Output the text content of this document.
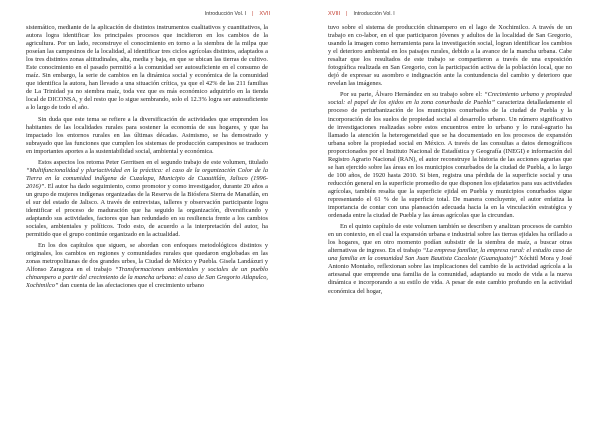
Introducción Vol. I | XVII

sistemático, mediante de la aplicación de distintos instrumentos cualitativos y cuantitativos, la autora logra identificar los principales procesos que incidieron en los cambios de la agricultura. Por un lado, reconstruye el conocimiento en torno a la siembra de la milpa que poseían las campesinos de la localidad, al identificar tres ciclos agrícolas distintos, adaptados a los tres distintos zonas altitudinales, alta, media y baja, en que se ubican las tierras de cultivo. Este conocimiento en el pasado permitió a la comunidad ser autosuficiente en el consumo de maíz. Sin embargo, la serie de cambios en la dinámica social y económica de la comunidad que identifica la autora, han llevado a una situación crítica, ya que el 42% de las 211 familias de La Trinidad ya no siembra maíz, toda vez que es más económico adquirirlo en la tienda local de DICONSA, y del resto que lo sigue sembrando, solo el 12.3% logra ser autosuficiente a lo largo de todo el año.

Sin duda que este tema se refiere a la diversificación de actividades que emprenden los habitantes de las localidades rurales para sostener la economía de sus hogares, y que ha impactado los entornos rurales en las últimas décadas. Asimismo, se ha demostrado y subrayado que las funciones que cumplen los sistemas de producción campesinos se traducen en importantes aportes a la sustentabilidad social, ambiental y económica.

Estos aspectos los retoma Peter Gerritsen en el segundo trabajo de este volumen, titulado “Multifuncionalidad y pluriactividad en la práctica: el caso de la organización Color de la Tierra en la comunidad indígena de Cuzalapa, Municipio de Cuautitlán, Jalisco (1996-2016)”. El autor ha dado seguimiento, como promotor y como investigador, durante 20 años a un grupo de mujeres indígenas organizadas de la Reserva de la Biósfera Sierra de Manatlán, en el sur del estado de Jalisco. A través de entrevistas, talleres y observación participante logra identificar el proceso de maduración que ha seguido la organización, diversificando y adaptando sus actividades, factores que han redundado en su resiliencia frente a los cambios sociales, ambientales y políticos. Todo esto, de acuerdo a la interpretación del autor, ha permitido que el grupo continúe organizado en la actualidad.

En los dos capítulos que siguen, se abordan con enfoques metodológicos distintos y originales, los cambios en regiones y comunidades rurales que quedaron englobadas en las zonas metropolitanas de dos grandes urbes, la Ciudad de México y Puebla. Gisela Landázuri y Alfonso Zaragoza en el trabajo “Transformaciones ambientales y sociales de un pueblo chinampero a partir del crecimiento de la mancha urbana: el caso de San Gregorio Atlapulco, Xochimilco” dan cuenta de las afectaciones que el crecimiento urbano

XVIII | Introducción Vol. I

tuvo sobre el sistema de producción chinampero en el lago de Xochimilco. A través de un trabajo en co-labor, en el que participaron jóvenes y adultos de la localidad de San Gregorio, usando la imagen como herramienta para la investigación social, logran identificar los cambios y el deterioro ambiental en los paisajes rurales, debido a la avance de la mancha urbana. Cabe resaltar que los resultados de este trabajo se compartieron a través de una exposición fotográfica realizada en San Gregorio, con la participación activa de la población local, que no dejó de expresar su asombro e indignación ante la contundencia del cambio y deterioro que revelan las imágenes.

Por su parte, Álvaro Hernández en su trabajo sobre el: “Crecimiento urbano y propiedad social: el papel de los ejidos en la zona conurbada de Puebla” caracteriza detalladamente el proceso de periurbanización de los municipios conurbados de la ciudad de Puebla y la incorporación de los suelos de propiedad social al desarrollo urbano. Un número significativo de investigaciones realizadas sobre estos encuentros entre lo urbano y lo rural-agrario ha llamado la atención la heterogeneidad que se ha documentado en los procesos de expansión urbana sobre la propiedad social en México. A través de las consultas a datos demográficos proporcionados por el Instituto Nacional de Estadística y Geografía (INEGI) e información del Registro Agrario Nacional (RAN), el autor reconstruye la historia de las acciones agrarias que se han ejercido sobre las áreas en los municipios conurbados de la ciudad de Puebla, a lo largo de 100 años, de 1920 hasta 2010. Si bien, registra una pérdida de la superficie social y una reducción general en la superficie promedio de que disponen los ejidatarios para sus actividades agrícolas, también resalta que la superficie ejidal en Puebla y municipios conurbados sigue representando el 61 % de la superficie total. De manera concluyente, el autor enfatiza la importancia de contar con una planeación adecuada hacia la en la vinculación estratégica y ordenada entre la ciudad de Puebla y las áreas agrícolas que la circundan.

En el quinto capítulo de este volumen también se describen y analizan procesos de cambio en un contexto, en el cual la expansión urbana e industrial sobre las tierras ejidales ha orillado a los hogares, que en otro momento podían subsistir de la siembra de maíz, a buscar otras alternativas de ingreso. En el trabajo “La empresa familiar, la empresa rural: el estudio caso de una familia en la comunidad San Juan Bautista Cacalote (Guanajuato)” Xóchitl Mora y José Antonio Montaño, reflexionan sobre las implicaciones del cambio de la actividad agrícola a la artesanal que emprende una familia de la comunidad, adaptando su modo de vida a la nueva dinámica e incorporando a su estilo de vida. A pesar de este cambio profundo en la actividad económica del hogar,
